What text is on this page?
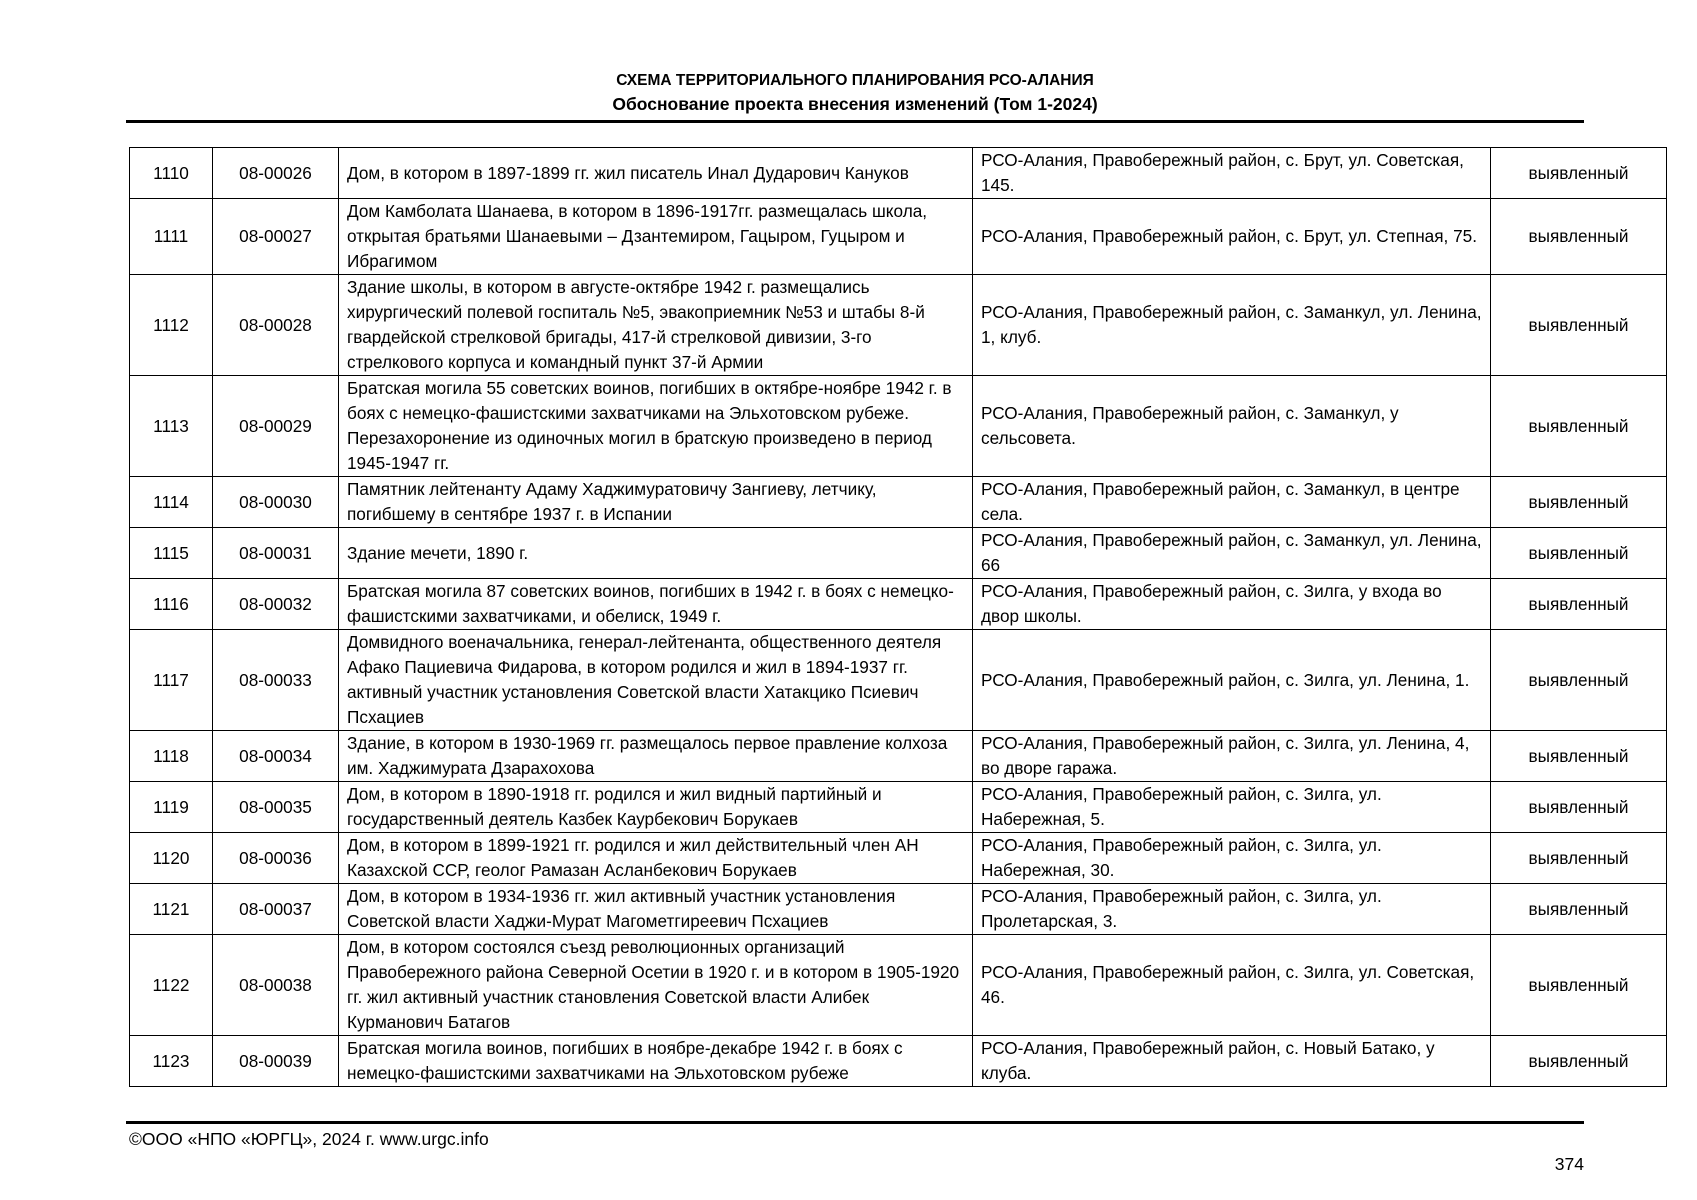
СХЕМА ТЕРРИТОРИАЛЬНОГО ПЛАНИРОВАНИЯ РСО-АЛАНИЯ
Обоснование проекта внесения изменений (Том 1-2024)
1110	08-00026	Дом, в котором в 1897-1899 гг. жил писатель Инал Дударович Кануков	РСО-Алания, Правобережный район, с. Брут, ул. Советская, 145.	выявленный
1111	08-00027	Дом Камболата Шанаева, в котором в 1896-1917гг. размещалась школа, открытая братьями Шанаевыми – Дзантемиром, Гацыром, Гуцыром и Ибрагимом	РСО-Алания, Правобережный район, с. Брут, ул. Степная, 75.	выявленный
1112	08-00028	Здание школы, в котором в августе-октябре 1942 г. размещались хирургический полевой госпиталь №5, эвакоприемник №53 и штабы 8-й гвардейской стрелковой бригады, 417-й стрелковой дивизии, 3-го стрелкового корпуса и командный пункт 37-й Армии	РСО-Алания, Правобережный район, с. Заманкул, ул. Ленина, 1, клуб.	выявленный
1113	08-00029	Братская могила 55 советских воинов, погибших в октябре-ноябре 1942 г. в боях с немецко-фашистскими захватчиками на Эльхотовском рубеже. Перезахоронение из одиночных могил в братскую произведено в период 1945-1947 гг.	РСО-Алания, Правобережный район, с. Заманкул, у сельсовета.	выявленный
1114	08-00030	Памятник лейтенанту Адаму Хаджимуратовичу Зангиеву, летчику, погибшему в сентябре 1937 г. в Испании	РСО-Алания, Правобережный район, с. Заманкул, в центре села.	выявленный
1115	08-00031	Здание мечети, 1890 г.	РСО-Алания, Правобережный район, с. Заманкул, ул. Ленина, 66	выявленный
1116	08-00032	Братская могила 87 советских воинов, погибших в 1942 г. в боях с немецко-фашистскими захватчиками, и обелиск, 1949 г.	РСО-Алания, Правобережный район, с. Зилга, у входа во двор школы.	выявленный
1117	08-00033	Домвидного военачальника, генерал-лейтенанта, общественного деятеля Афако Пациевича Фидарова, в котором родился и жил в 1894-1937 гг. активный участник установления Советской власти Хатакцико Псиевич Псхациев	РСО-Алания, Правобережный район, с. Зилга, ул. Ленина, 1.	выявленный
1118	08-00034	Здание, в котором в 1930-1969 гг. размещалось первое правление колхоза им. Хаджимурата Дзарахохова	РСО-Алания, Правобережный район, с. Зилга, ул. Ленина, 4, во дворе гаража.	выявленный
1119	08-00035	Дом, в котором в 1890-1918 гг. родился и жил видный партийный и государственный деятель Казбек Каурбекович Борукаев	РСО-Алания, Правобережный район, с. Зилга, ул. Набережная, 5.	выявленный
1120	08-00036	Дом, в котором в 1899-1921 гг. родился и жил действительный член АН Казахской ССР, геолог Рамазан Асланбекович Борукаев	РСО-Алания, Правобережный район, с. Зилга, ул. Набережная, 30.	выявленный
1121	08-00037	Дом, в котором в 1934-1936 гг. жил активный участник установления Советской власти Хаджи-Мурат Магометгиреевич Псхациев	РСО-Алания, Правобережный район, с. Зилга, ул. Пролетарская, 3.	выявленный
1122	08-00038	Дом, в котором состоялся съезд революционных организаций Правобережного района Северной Осетии в 1920 г. и в котором в 1905-1920 гг. жил активный участник становления Советской власти Алибек Курманович Батагов	РСО-Алания, Правобережный район, с. Зилга, ул. Советская, 46.	выявленный
1123	08-00039	Братская могила воинов, погибших в ноябре-декабре 1942 г. в боях с немецко-фашистскими захватчиками на Эльхотовском рубеже	РСО-Алания, Правобережный район, с. Новый Батако, у клуба.	выявленный
©ООО «НПО «ЮРГЦ», 2024 г. www.urgc.info
374
